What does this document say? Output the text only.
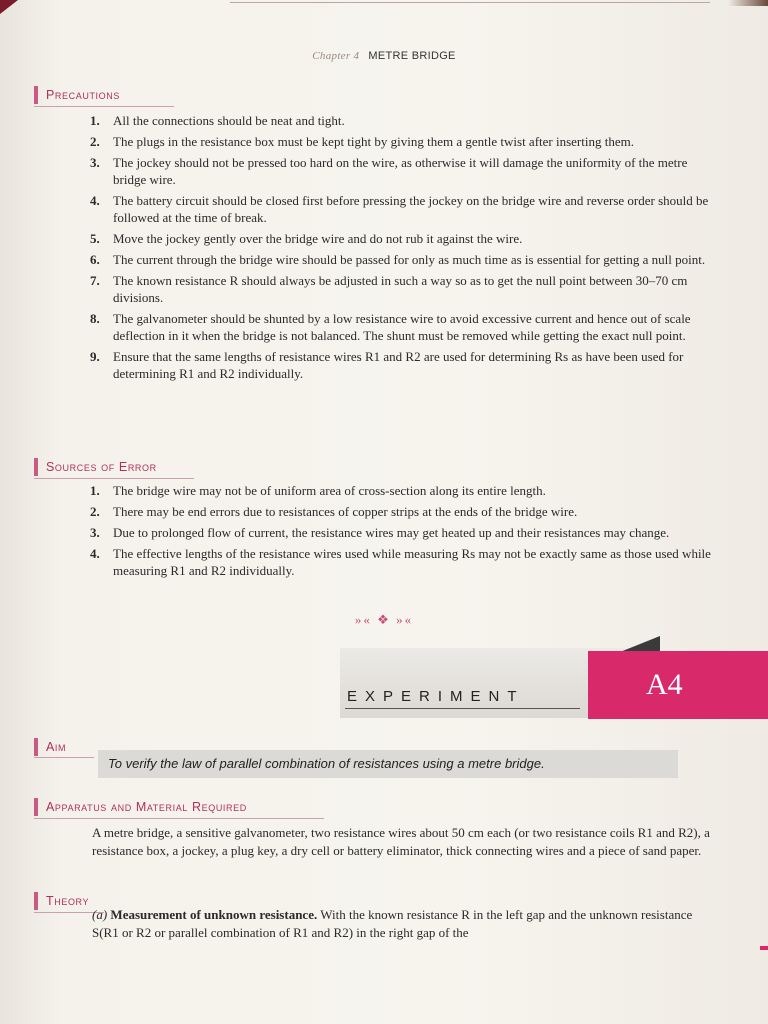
Chapter 4 METRE BRIDGE
Precautions
1. All the connections should be neat and tight.
2. The plugs in the resistance box must be kept tight by giving them a gentle twist after inserting them.
3. The jockey should not be pressed too hard on the wire, as otherwise it will damage the uniformity of the metre bridge wire.
4. The battery circuit should be closed first before pressing the jockey on the bridge wire and reverse order should be followed at the time of break.
5. Move the jockey gently over the bridge wire and do not rub it against the wire.
6. The current through the bridge wire should be passed for only as much time as is essential for getting a null point.
7. The known resistance R should always be adjusted in such a way so as to get the null point between 30–70 cm divisions.
8. The galvanometer should be shunted by a low resistance wire to avoid excessive current and hence out of scale deflection in it when the bridge is not balanced. The shunt must be removed while getting the exact null point.
9. Ensure that the same lengths of resistance wires R1 and R2 are used for determining Rs as have been used for determining R1 and R2 individually.
Sources of Error
1. The bridge wire may not be of uniform area of cross-section along its entire length.
2. There may be end errors due to resistances of copper strips at the ends of the bridge wire.
3. Due to prolonged flow of current, the resistance wires may get heated up and their resistances may change.
4. The effective lengths of the resistance wires used while measuring Rs may not be exactly same as those used while measuring R1 and R2 individually.
»« ❖ »«
EXPERIMENT	A4
Aim
To verify the law of parallel combination of resistances using a metre bridge.
Apparatus and Material Required

A metre bridge, a sensitive galvanometer, two resistance wires about 50 cm each (or two resistance coils R1 and R2), a resistance box, a jockey, a plug key, a dry cell or battery eliminator, thick connecting wires and a piece of sand paper.

Theory

(a) Measurement of unknown resistance. With the known resistance R in the left gap and the unknown resistance S(R1 or R2 or parallel combination of R1 and R2) in the right gap of the
